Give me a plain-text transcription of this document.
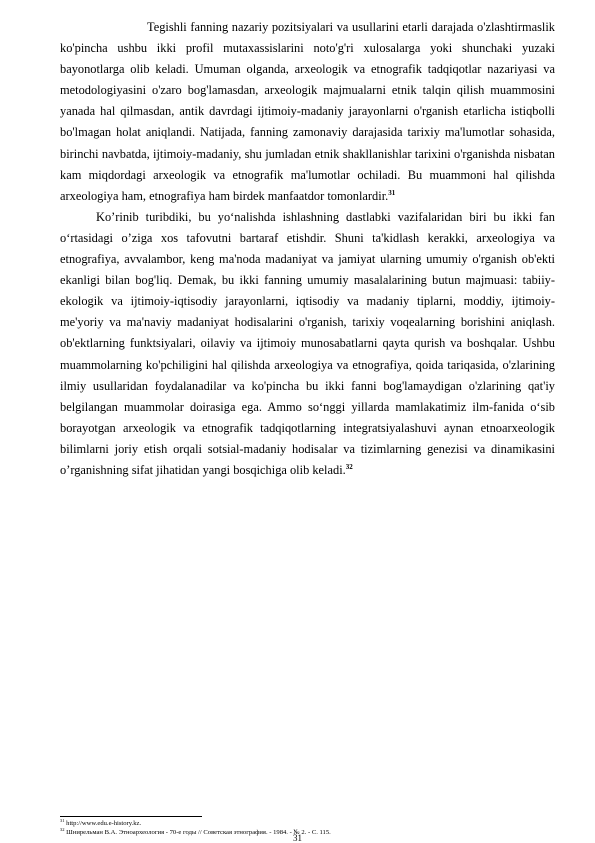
Tegishli fanning nazariy pozitsiyalari va usullarini etarli darajada o'zlashtirmaslik ko'pincha ushbu ikki profil mutaxassislarini noto'g'ri xulosalarga yoki shunchaki yuzaki bayonotlarga olib keladi. Umuman olganda, arxeologik va etnografik tadqiqotlar nazariyasi va metodologiyasini o'zaro bog'lamasdan, arxeologik majmualarni etnik talqin qilish muammosini yanada hal qilmasdan, antik davrdagi ijtimoiy-madaniy jarayonlarni o'rganish etarlicha istiqbolli bo'lmagan holat aniqlandi. Natijada, fanning zamonaviy darajasida tarixiy ma'lumotlar sohasida, birinchi navbatda, ijtimoiy-madaniy, shu jumladan etnik shakllanishlar tarixini o'rganishda nisbatan kam miqdordagi arxeologik va etnografik ma'lumotlar ochiladi. Bu muammoni hal qilishda arxeologiya ham, etnografiya ham birdek manfaatdor tomonlardir.$^{31}$

Ko’rinib turibdiki, bu yo‘nalishda ishlashning dastlabki vazifalaridan biri bu ikki fan o‘rtasidagi o’ziga xos tafovutni bartaraf etishdir. Shuni ta'kidlash kerakki, arxeologiya va etnografiya, avvalambor, keng ma'noda madaniyat va jamiyat ularning umumiy o'rganish ob'ekti ekanligi bilan bog'liq. Demak, bu ikki fanning umumiy masalalarining butun majmuasi: tabiiy-ekologik va ijtimoiy-iqtisodiy jarayonlarni, iqtisodiy va madaniy tiplarni, moddiy, ijtimoiy-me'yoriy va ma'naviy madaniyat hodisalarini o'rganish, tarixiy voqealarning borishini aniqlash. ob'ektlarning funktsiyalari, oilaviy va ijtimoiy munosabatlarni qayta qurish va boshqalar. Ushbu muammolarning ko'pchiligini hal qilishda arxeologiya va etnografiya, qoida tariqasida, o'zlarining ilmiy usullaridan foydalanadilar va ko'pincha bu ikki fanni bog'lamaydigan o'zlarining qat'iy belgilangan muammolar doirasiga ega. Ammo so‘nggi yillarda mamlakatimiz ilm-fanida o‘sib borayotgan arxeologik va etnografik tadqiqotlarning integratsiyalashuvi aynan etnoarxeologik bilimlarni joriy etish orqali sotsial-madaniy hodisalar va tizimlarning genezisi va dinamikasini o’rganishning sifat jihatidan yangi bosqichiga olib keladi.$^{32}$

$^{31}$ http://www.edu.e-history.kz.
$^{32}$ Шнирельман В.А. Этноархеология - 70-е годы // Советская этнография. - 1984. - № 2. - С. 115.
31
